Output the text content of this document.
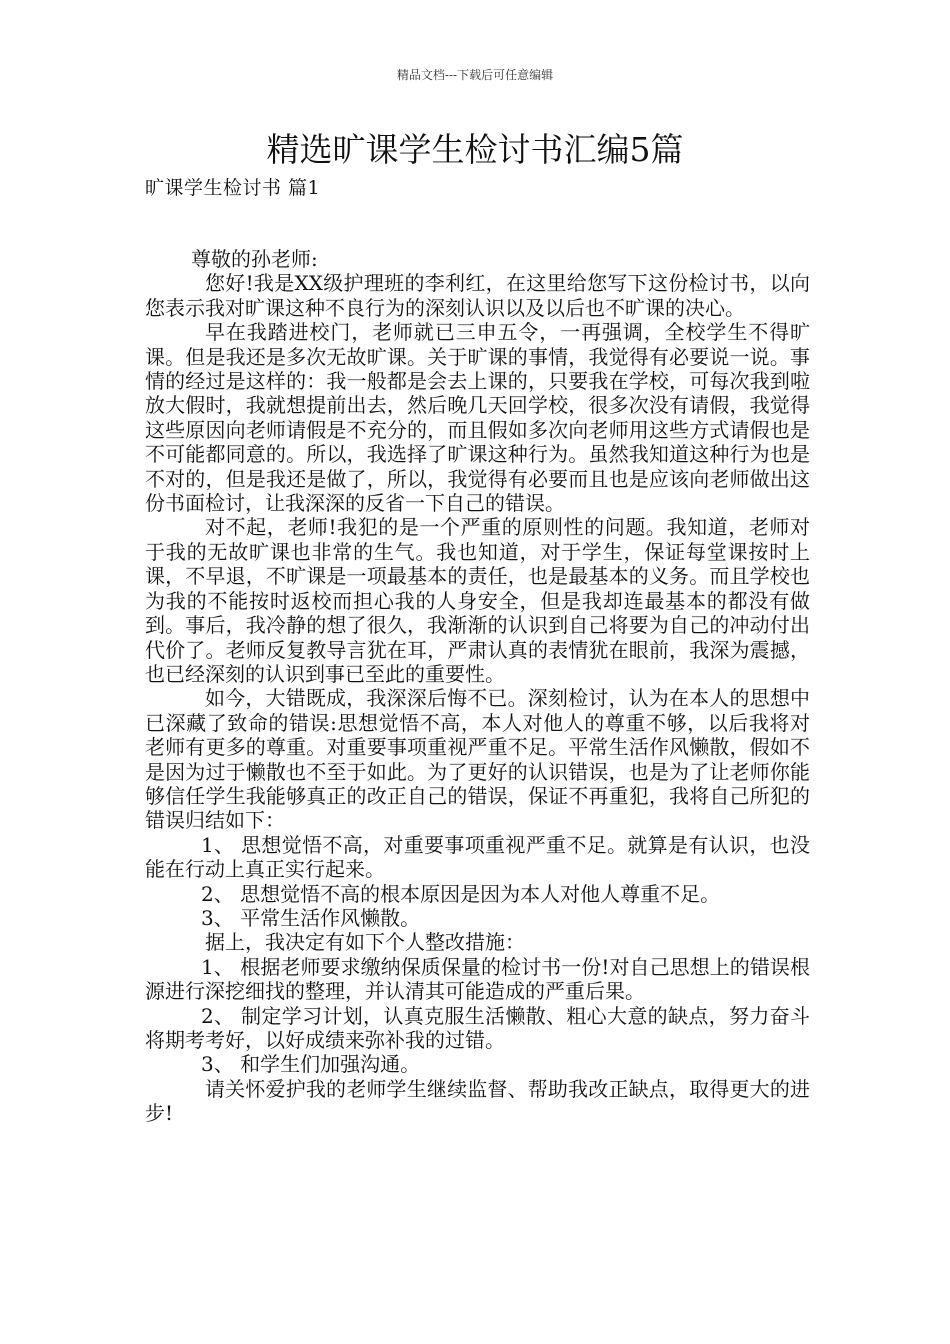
精品文档---下载后可任意编辑
精选旷课学生检讨书汇编5篇
旷课学生检讨书 篇1

尊敬的孙老师:

您好!我是XX级护理班的李利红，在这里给您写下这份检讨书，以向您表示我对旷课这种不良行为的深刻认识以及以后也不旷课的决心。

早在我踏进校门，老师就已三申五令，一再强调，全校学生不得旷课。但是我还是多次无故旷课。关于旷课的事情，我觉得有必要说一说。事情的经过是这样的：我一般都是会去上课的，只要我在学校，可每次我到啦放大假时，我就想提前出去，然后晚几天回学校，很多次没有请假，我觉得这些原因向老师请假是不充分的，而且假如多次向老师用这些方式请假也是不可能都同意的。所以，我选择了旷课这种行为。虽然我知道这种行为也是不对的，但是我还是做了，所以，我觉得有必要而且也是应该向老师做出这份书面检讨，让我深深的反省一下自己的错误。

对不起，老师!我犯的是一个严重的原则性的问题。我知道，老师对于我的无故旷课也非常的生气。我也知道，对于学生，保证每堂课按时上课，不早退，不旷课是一项最基本的责任，也是最基本的义务。而且学校也为我的不能按时返校而担心我的人身安全，但是我却连最基本的都没有做到。事后，我冷静的想了很久，我渐渐的认识到自己将要为自己的冲动付出代价了。老师反复教导言犹在耳，严肃认真的表情犹在眼前，我深为震撼，也已经深刻的认识到事已至此的重要性。

如今，大错既成，我深深后悔不已。深刻检讨，认为在本人的思想中已深藏了致命的错误:思想觉悟不高，本人对他人的尊重不够，以后我将对老师有更多的尊重。对重要事项重视严重不足。平常生活作风懒散，假如不是因为过于懒散也不至于如此。为了更好的认识错误，也是为了让老师你能够信任学生我能够真正的改正自己的错误，保证不再重犯，我将自己所犯的错误归结如下：

1、 思想觉悟不高，对重要事项重视严重不足。就算是有认识，也没能在行动上真正实行起来。

2、 思想觉悟不高的根本原因是因为本人对他人尊重不足。

3、 平常生活作风懒散。

据上，我决定有如下个人整改措施：

1、 根据老师要求缴纳保质保量的检讨书一份!对自己思想上的错误根源进行深挖细找的整理，并认清其可能造成的严重后果。

2、 制定学习计划，认真克服生活懒散、粗心大意的缺点，努力奋斗将期考考好，以好成绩来弥补我的过错。

3、 和学生们加强沟通。

请关怀爱护我的老师学生继续监督、帮助我改正缺点，取得更大的进步!
